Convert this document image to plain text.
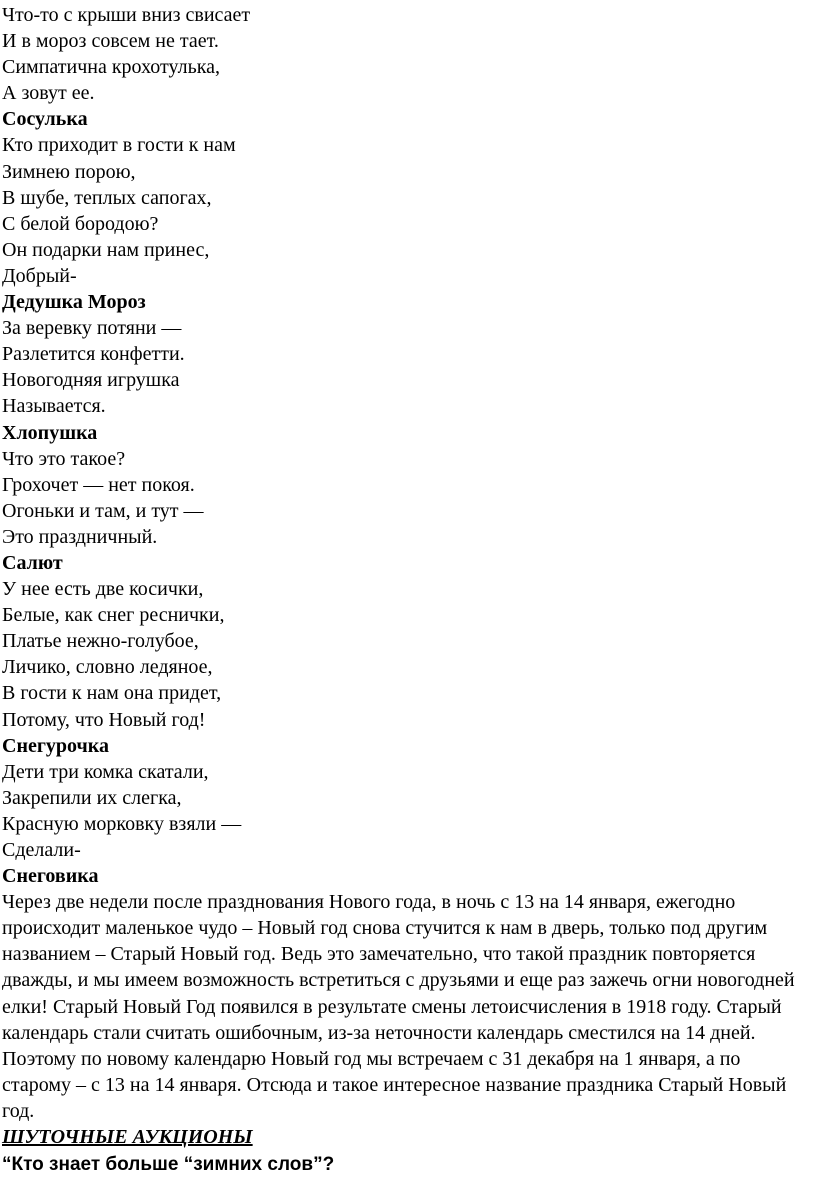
Что-то с крыши вниз свисает
И в мороз совсем не тает.
Симпатична крохотулька,
А зовут ее.
Сосулька
Кто приходит в гости к нам
Зимнею порою,
В шубе, теплых сапогах,
С белой бородою?
Он подарки нам принес,
Добрый-
Дедушка Мороз
За веревку потяни —
Разлетится конфетти.
Новогодняя игрушка
Называется.
Хлопушка
Что это такое?
Грохочет — нет покоя.
Огоньки и там, и тут —
Это праздничный.
Салют
У нее есть две косички,
Белые, как снег реснички,
Платье нежно-голубое,
Личико, словно ледяное,
В гости к нам она придет,
Потому, что Новый год!
Снегурочка
Дети три комка скатали,
Закрепили их слегка,
Красную морковку взяли —
Сделали-
Снеговика
Через две недели после празднования Нового года, в ночь с 13 на 14 января, ежегодно происходит маленькое чудо – Новый год снова стучится к нам в дверь, только под другим названием – Старый Новый год. Ведь это замечательно, что такой праздник повторяется дважды, и мы имеем возможность встретиться с друзьями и еще раз зажечь огни новогодней елки! Старый Новый Год появился в результате смены летоисчисления в 1918 году. Старый календарь стали считать ошибочным, из-за неточности календарь сместился на 14 дней. Поэтому по новому календарю Новый год мы встречаем с 31 декабря на 1 января, а по старому – с 13 на 14 января. Отсюда и такое интересное название праздника Старый Новый год.
ШУТОЧНЫЕ АУКЦИОНЫ
“Кто знает больше “зимних слов”?
